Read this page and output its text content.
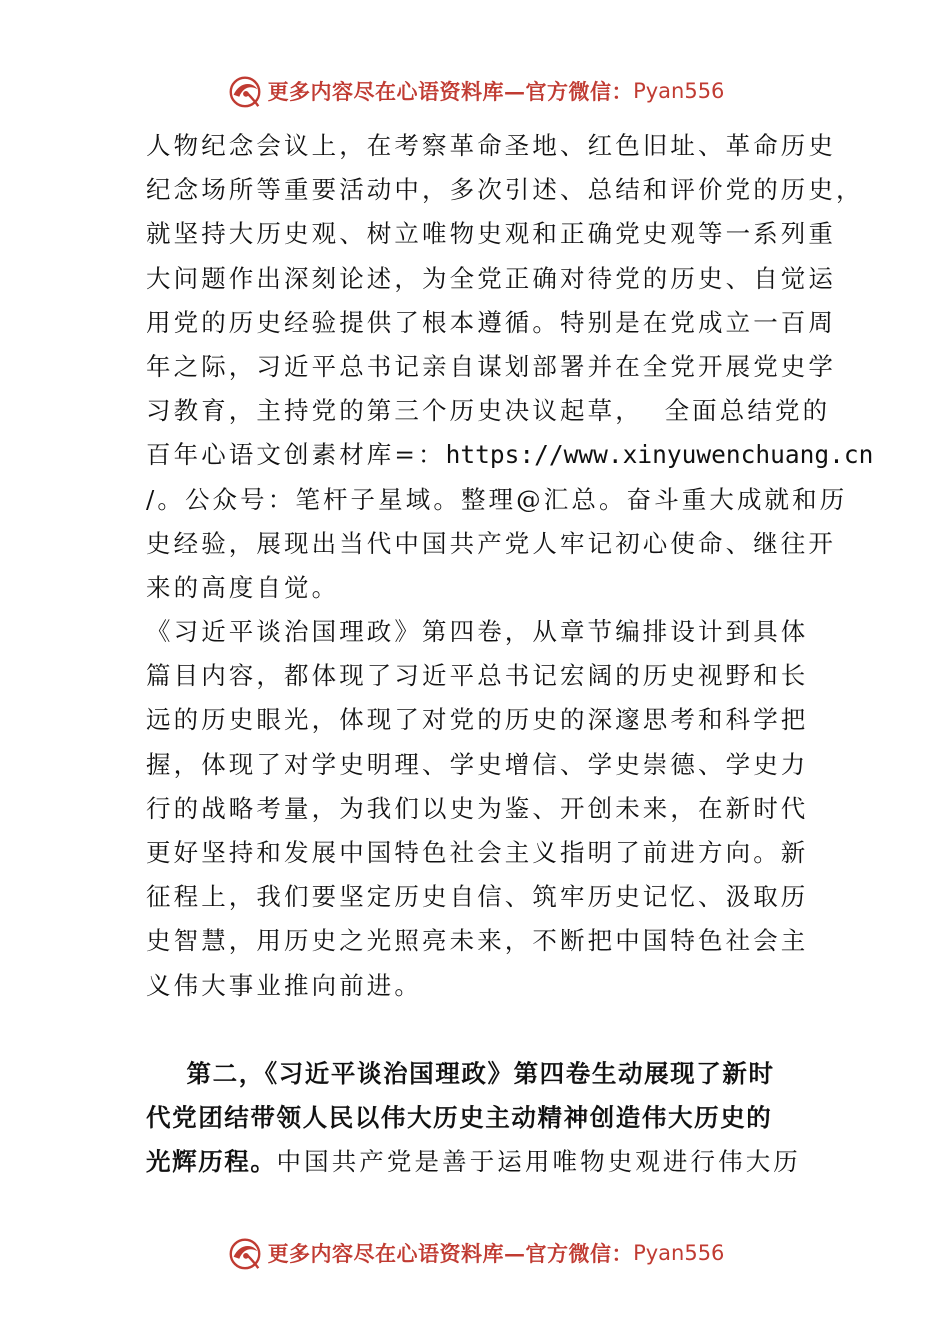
更多内容尽在心语资料库—官方微信： Pyan556
人物纪念会议上，在考察革命圣地、红色旧址、革命历史
纪念场所等重要活动中，多次引述、总结和评价党的历史，
就坚持大历史观、树立唯物史观和正确党史观等一系列重
大问题作出深刻论述，为全党正确对待党的历史、自觉运
用党的历史经验提供了根本遵循。特别是在党成立一百周
年之际，习近平总书记亲自谋划部署并在全党开展党史学
习教育，主持党的第三个历史决议起草，  全面总结党的
百年心语文创素材库=：https://www.xinyuwenchuang.cn
/。公众号：笔杆子星域。整理@汇总。奋斗重大成就和历
史经验，展现出当代中国共产党人牢记初心使命、继往开
来的高度自觉。
《习近平谈治国理政》第四卷，从章节编排设计到具体
篇目内容，都体现了习近平总书记宏阔的历史视野和长
远的历史眼光，体现了对党的历史的深邃思考和科学把
握，体现了对学史明理、学史增信、学史崇德、学史力
行的战略考量，为我们以史为鉴、开创未来，在新时代
更好坚持和发展中国特色社会主义指明了前进方向。新
征程上，我们要坚定历史自信、筑牢历史记忆、汲取历
史智慧，用历史之光照亮未来，不断把中国特色社会主
义伟大事业推向前进。
第二，《习近平谈治国理政》第四卷生动展现了新时
代党团结带领人民以伟大历史主动精神创造伟大历史的
光辉历程。中国共产党是善于运用唯物史观进行伟大历
更多内容尽在心语资料库—官方微信： Pyan556
